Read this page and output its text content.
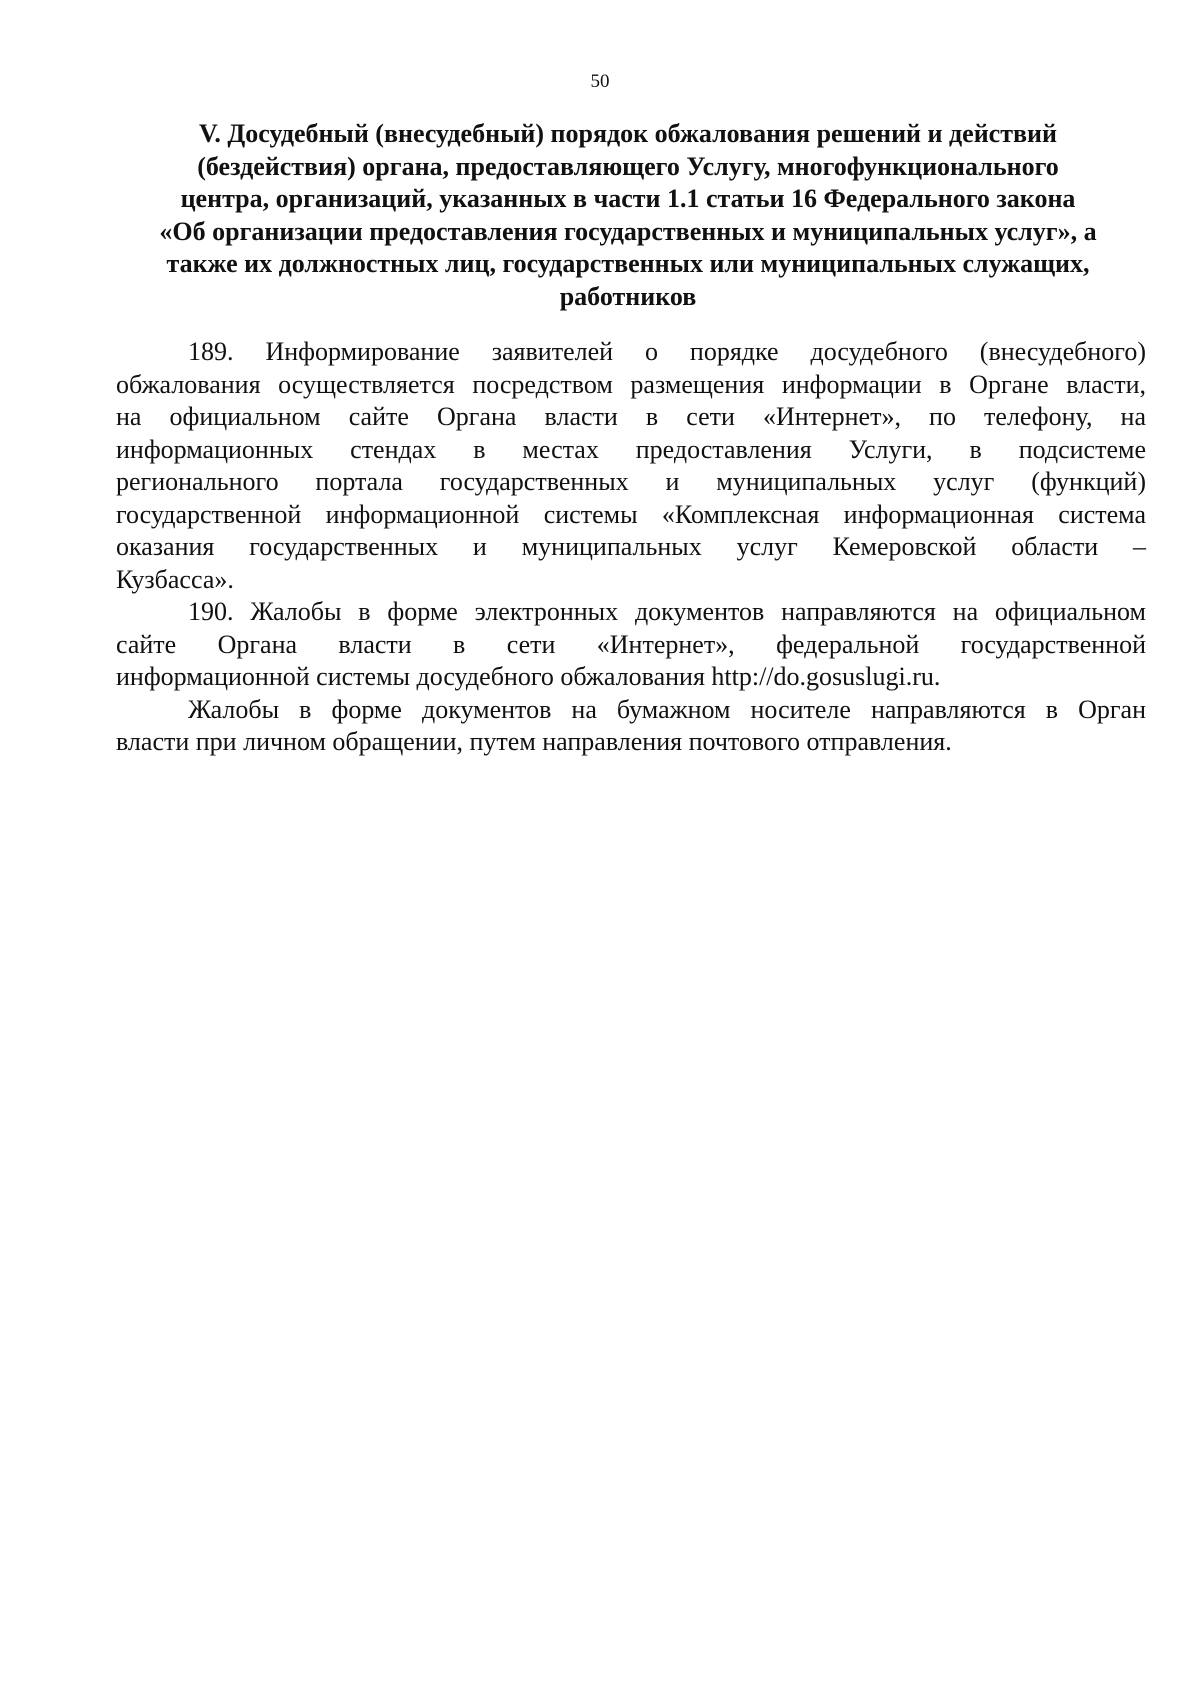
50
V. Досудебный (внесудебный) порядок обжалования решений и действий
(бездействия) органа, предоставляющего Услугу, многофункционального
центра, организаций, указанных в части 1.1 статьи 16 Федерального закона
«Об организации предоставления государственных и муниципальных услуг», а
также их должностных лиц, государственных или муниципальных служащих,
работников

189. Информирование заявителей о порядке досудебного (внесудебного)
обжалования осуществляется посредством размещения информации в Органе власти,
на официальном сайте Органа власти в сети «Интернет», по телефону, на
информационных стендах в местах предоставления Услуги, в подсистеме
регионального портала государственных и муниципальных услуг (функций)
государственной информационной системы «Комплексная информационная система
оказания государственных и муниципальных услуг Кемеровской области –
Кузбасса».

190. Жалобы в форме электронных документов направляются на официальном
сайте Органа власти в сети «Интернет», федеральной государственной
информационной системы досудебного обжалования http://do.gosuslugi.ru.

Жалобы в форме документов на бумажном носителе направляются в Орган
власти при личном обращении, путем направления почтового отправления.
